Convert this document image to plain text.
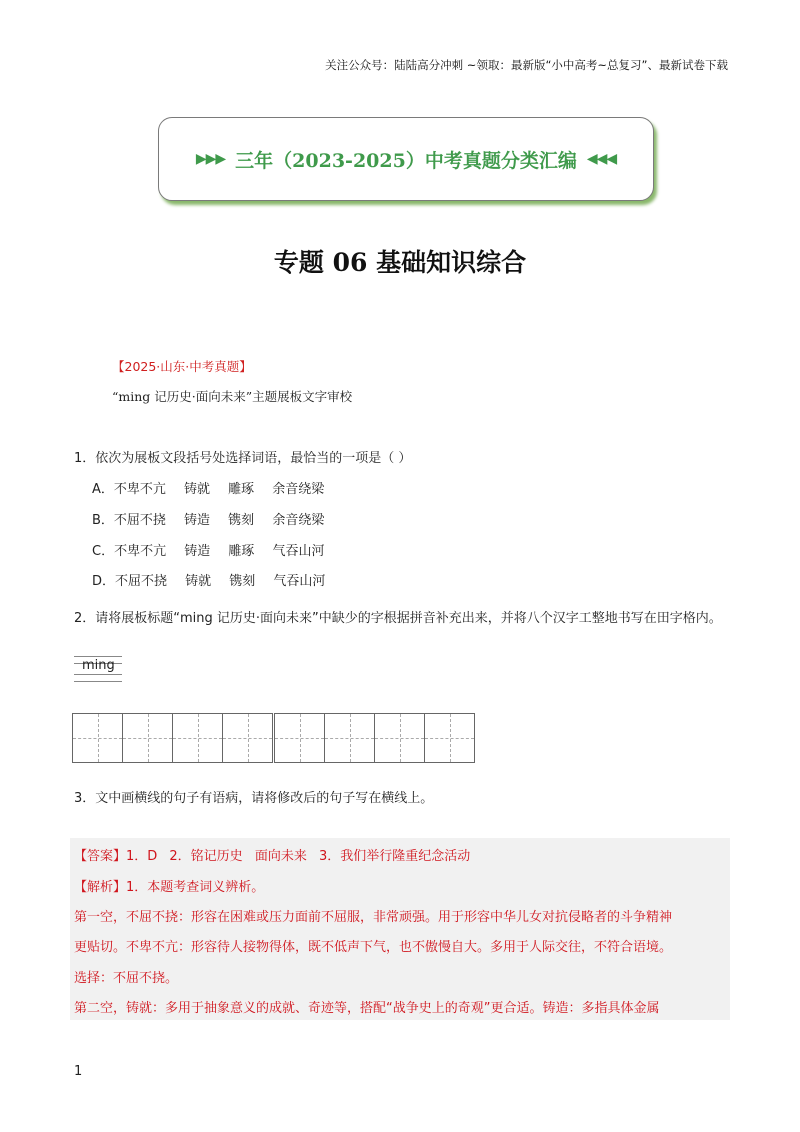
关注公众号：陆陆高分冲刺 ~领取：最新版“小中高考~总复习”、最新试卷下载
▶▶▶ 三年（2023-2025）中考真题分类汇编 ◀◀◀
专题 06 基础知识综合
【2025·山东·中考真题】
“ming 记历史·面向未来”主题展板文字审校
1．依次为展板文段括号处选择词语，最恰当的一项是（ ）
A．不卑不亢 铸就 雕琢 余音绕梁
B．不屈不挠 铸造 镌刻 余音绕梁
C．不卑不亢 铸造 雕琢 气吞山河
D．不屈不挠 铸就 镌刻 气吞山河
2．请将展板标题“ming 记历史·面向未来”中缺少的字根据拼音补充出来，并将八个汉字工整地书写在田字格内。
ming
3．文中画横线的句子有语病，请将修改后的句子写在横线上。
【答案】1．D 2．铭记历史 面向未来 3．我们举行隆重纪念活动
【解析】1．本题考查词义辨析。
第一空，不屈不挠：形容在困难或压力面前不屈服，非常顽强。用于形容中华儿女对抗侵略者的斗争精神
更贴切。不卑不亢：形容待人接物得体，既不低声下气，也不傲慢自大。多用于人际交往，不符合语境。
选择：不屈不挠。
第二空，铸就：多用于抽象意义的成就、奇迹等，搭配“战争史上的奇观”更合适。铸造：多指具体金属
1
